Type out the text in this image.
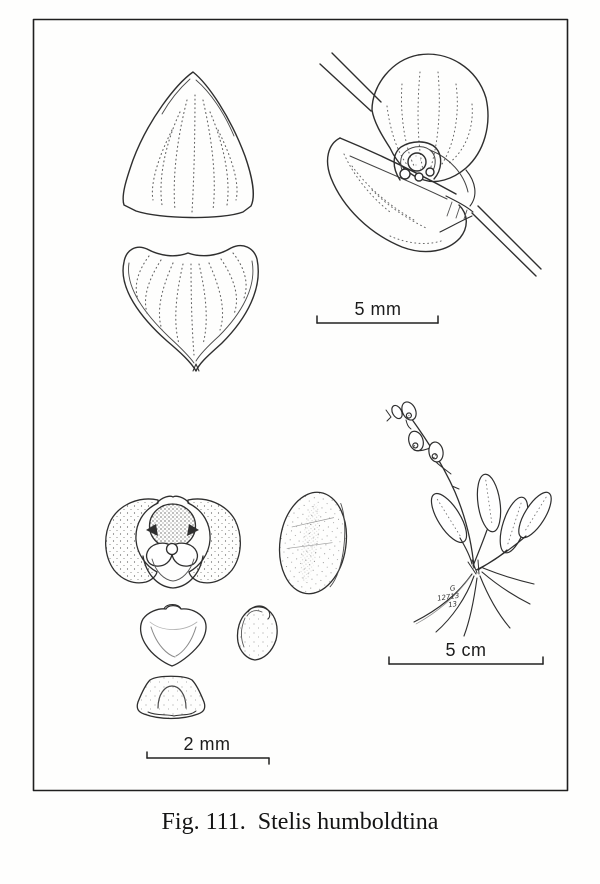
5 mm
5 cm
2 mm
G
12713
13
Fig. 111. Stelis humboldtina
